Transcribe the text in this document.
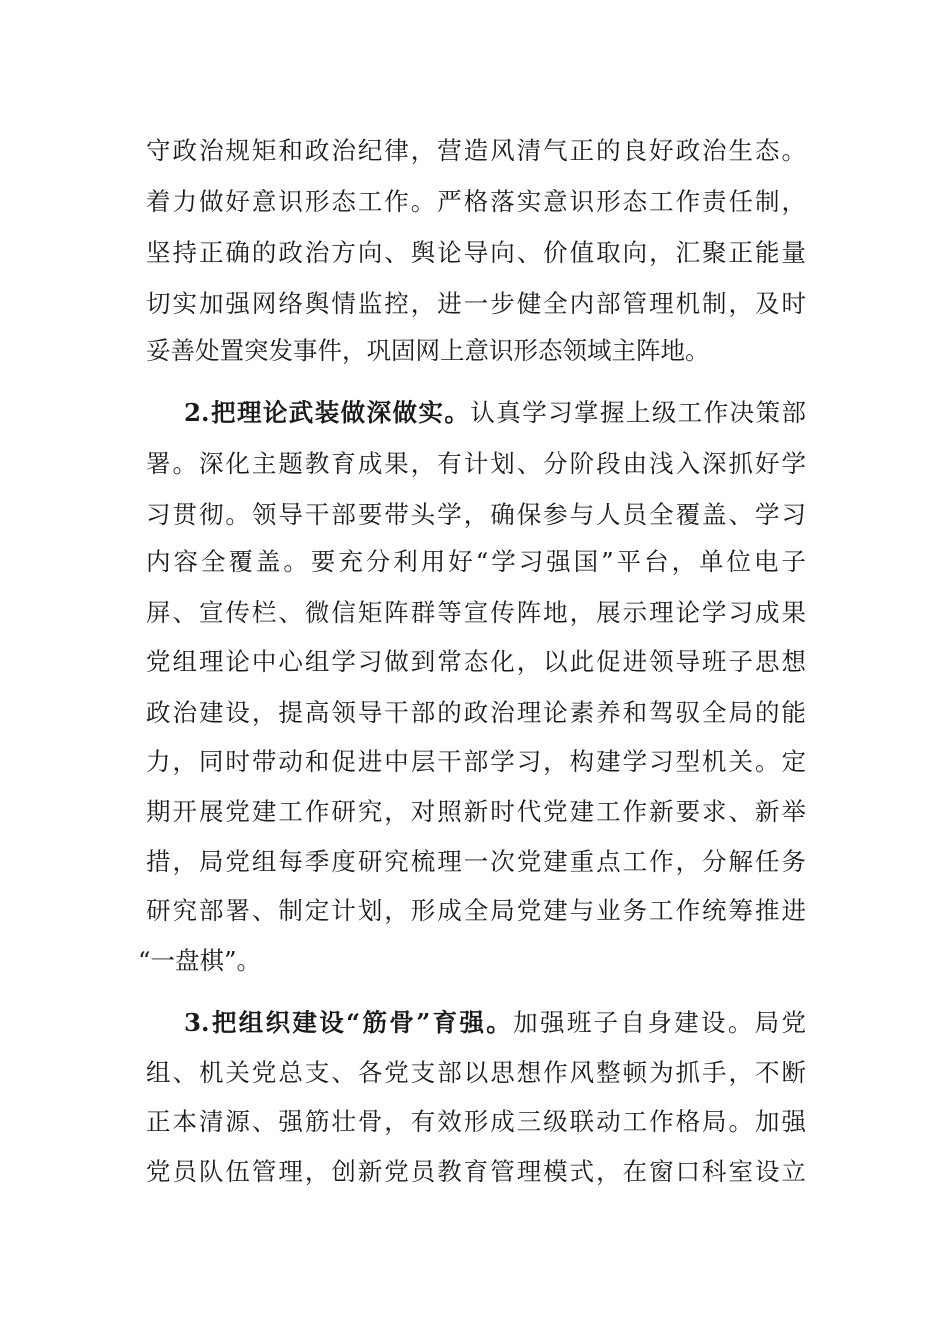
守政治规矩和政治纪律，营造风清气正的良好政治生态。
着力做好意识形态工作。严格落实意识形态工作责任制，
坚持正确的政治方向、舆论导向、价值取向，汇聚正能量
切实加强网络舆情监控，进一步健全内部管理机制，及时
妥善处置突发事件，巩固网上意识形态领域主阵地。
2.把理论武装做深做实。认真学习掌握上级工作决策部
署。深化主题教育成果，有计划、分阶段由浅入深抓好学
习贯彻。领导干部要带头学，确保参与人员全覆盖、学习
内容全覆盖。要充分利用好“学习强国”平台，单位电子
屏、宣传栏、微信矩阵群等宣传阵地，展示理论学习成果
党组理论中心组学习做到常态化，以此促进领导班子思想
政治建设，提高领导干部的政治理论素养和驾驭全局的能
力，同时带动和促进中层干部学习，构建学习型机关。定
期开展党建工作研究，对照新时代党建工作新要求、新举
措，局党组每季度研究梳理一次党建重点工作，分解任务
研究部署、制定计划，形成全局党建与业务工作统筹推进
“一盘棋”。
3.把组织建设“筋骨”育强。加强班子自身建设。局党
组、机关党总支、各党支部以思想作风整顿为抓手，不断
正本清源、强筋壮骨，有效形成三级联动工作格局。加强
党员队伍管理，创新党员教育管理模式，在窗口科室设立
